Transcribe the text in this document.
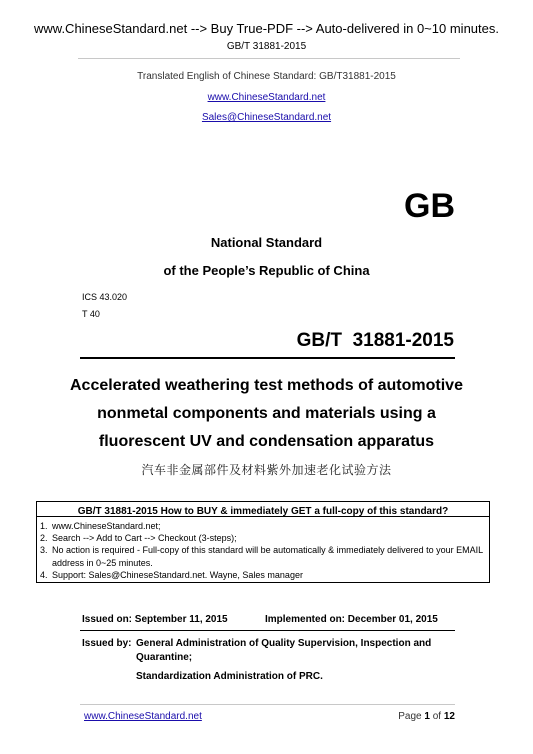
www.ChineseStandard.net --> Buy True-PDF --> Auto-delivered in 0~10 minutes.
GB/T 31881-2015
Translated English of Chinese Standard: GB/T31881-2015
www.ChineseStandard.net
Sales@ChineseStandard.net
GB
National Standard
of the People’s Republic of China
ICS 43.020
T 40
GB/T  31881-2015
Accelerated weathering test methods of automotive
nonmetal components and materials using a
fluorescent UV and condensation apparatus
汽车非金属部件及材料紫外加速老化试验方法
GB/T 31881-2015 How to BUY & immediately GET a full-copy of this standard?
1. www.ChineseStandard.net;
2. Search --> Add to Cart --> Checkout (3-steps);
3. No action is required - Full-copy of this standard will be automatically & immediately delivered to your EMAIL address in 0~25 minutes.
4. Support: Sales@ChineseStandard.net. Wayne, Sales manager
Issued on: September 11, 2015	Implemented on: December 01, 2015
Issued by: General Administration of Quality Supervision, Inspection and
Quarantine;
Standardization Administration of PRC.
www.ChineseStandard.net	Page 1 of 12
